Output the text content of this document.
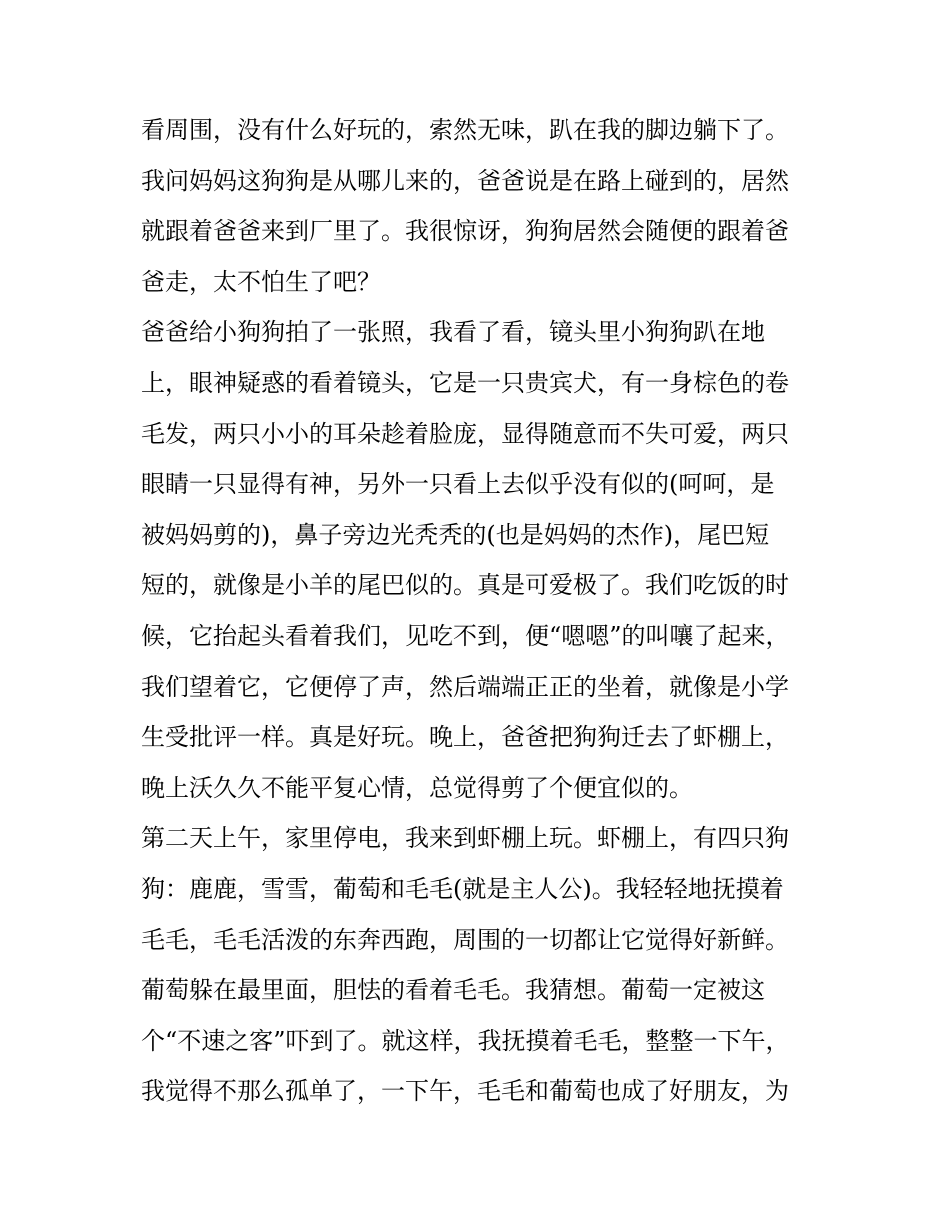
看周围，没有什么好玩的，索然无味，趴在我的脚边躺下了。
我问妈妈这狗狗是从哪儿来的，爸爸说是在路上碰到的，居然
就跟着爸爸来到厂里了。我很惊讶，狗狗居然会随便的跟着爸
爸走，太不怕生了吧？
爸爸给小狗狗拍了一张照，我看了看，镜头里小狗狗趴在地
上，眼神疑惑的看着镜头，它是一只贵宾犬，有一身棕色的卷
毛发，两只小小的耳朵趁着脸庞，显得随意而不失可爱，两只
眼睛一只显得有神，另外一只看上去似乎没有似的(呵呵，是
被妈妈剪的)，鼻子旁边光秃秃的(也是妈妈的杰作)，尾巴短
短的，就像是小羊的尾巴似的。真是可爱极了。我们吃饭的时
候，它抬起头看着我们，见吃不到，便“嗯嗯”的叫嚷了起来，
我们望着它，它便停了声，然后端端正正的坐着，就像是小学
生受批评一样。真是好玩。晚上，爸爸把狗狗迁去了虾棚上，
晚上沃久久不能平复心情，总觉得剪了个便宜似的。
第二天上午，家里停电，我来到虾棚上玩。虾棚上，有四只狗
狗：鹿鹿，雪雪，葡萄和毛毛(就是主人公)。我轻轻地抚摸着
毛毛，毛毛活泼的东奔西跑，周围的一切都让它觉得好新鲜。
葡萄躲在最里面，胆怯的看着毛毛。我猜想。葡萄一定被这
个“不速之客”吓到了。就这样，我抚摸着毛毛，整整一下午，
我觉得不那么孤单了，一下午，毛毛和葡萄也成了好朋友，为
